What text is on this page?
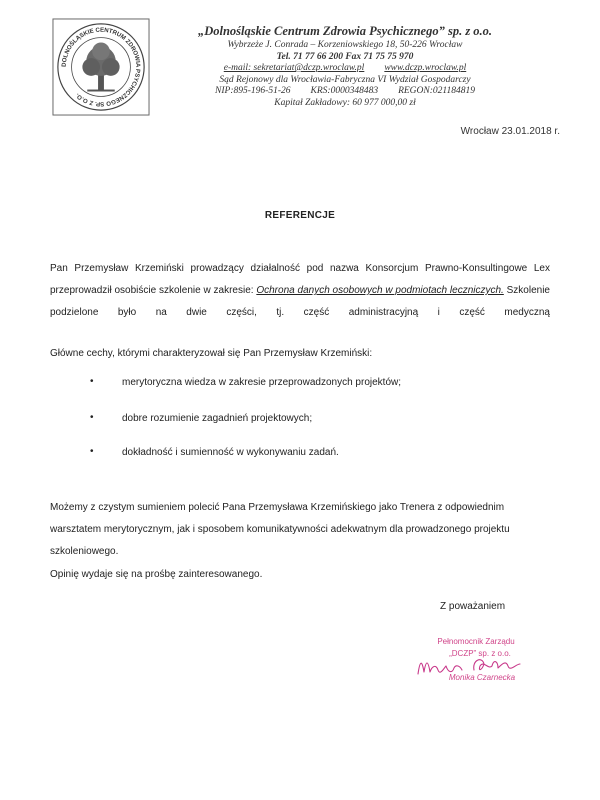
DOLNOŚLĄSKIE CENTRUM ZDROWIA PSYCHICZNEGO SP. Z O.O.
„Dolnośląskie Centrum Zdrowia Psychicznego” sp. z o.o.
Wybrzeże J. Conrada – Korzeniowskiego 18, 50-226 Wrocław
Tel. 71 77 66 200 Fax 71 75 75 970
e-mail: sekretariat@dczp.wroclaw.pl www.dczp.wroclaw.pl
Sąd Rejonowy dla Wrocławia-Fabryczna VI Wydział Gospodarczy
NIP:895-196-51-26 KRS:0000348483 REGON:021184819
Kapitał Zakładowy: 60 977 000,00 zł
Wrocław 23.01.2018 r.
REFERENCJE
Pan Przemysław Krzemiński prowadzący działalność pod nazwa Konsorcjum Prawno-Konsultingowe Lex
przeprowadził osobiście szkolenie w zakresie: Ochrona danych osobowych w podmiotach leczniczych. Szkolenie
podzielone było na dwie części, tj. część administracyjną i część medyczną
Główne cechy, którymi charakteryzował się Pan Przemysław Krzemiński:
•	merytoryczna wiedza w zakresie przeprowadzonych projektów;
•	dobre rozumienie zagadnień projektowych;
•	dokładność i sumienność w wykonywaniu zadań.
Możemy z czystym sumieniem polecić Pana Przemysława Krzemińskiego jako Trenera z odpowiednim
warsztatem merytorycznym, jak i sposobem komunikatywności adekwatnym dla prowadzonego projektu
szkoleniowego.
Opinię wydaje się na prośbę zainteresowanego.
Z poważaniem
Pełnomocnik Zarządu
„DCZP” sp. z o.o.
Monika Czarnecka
